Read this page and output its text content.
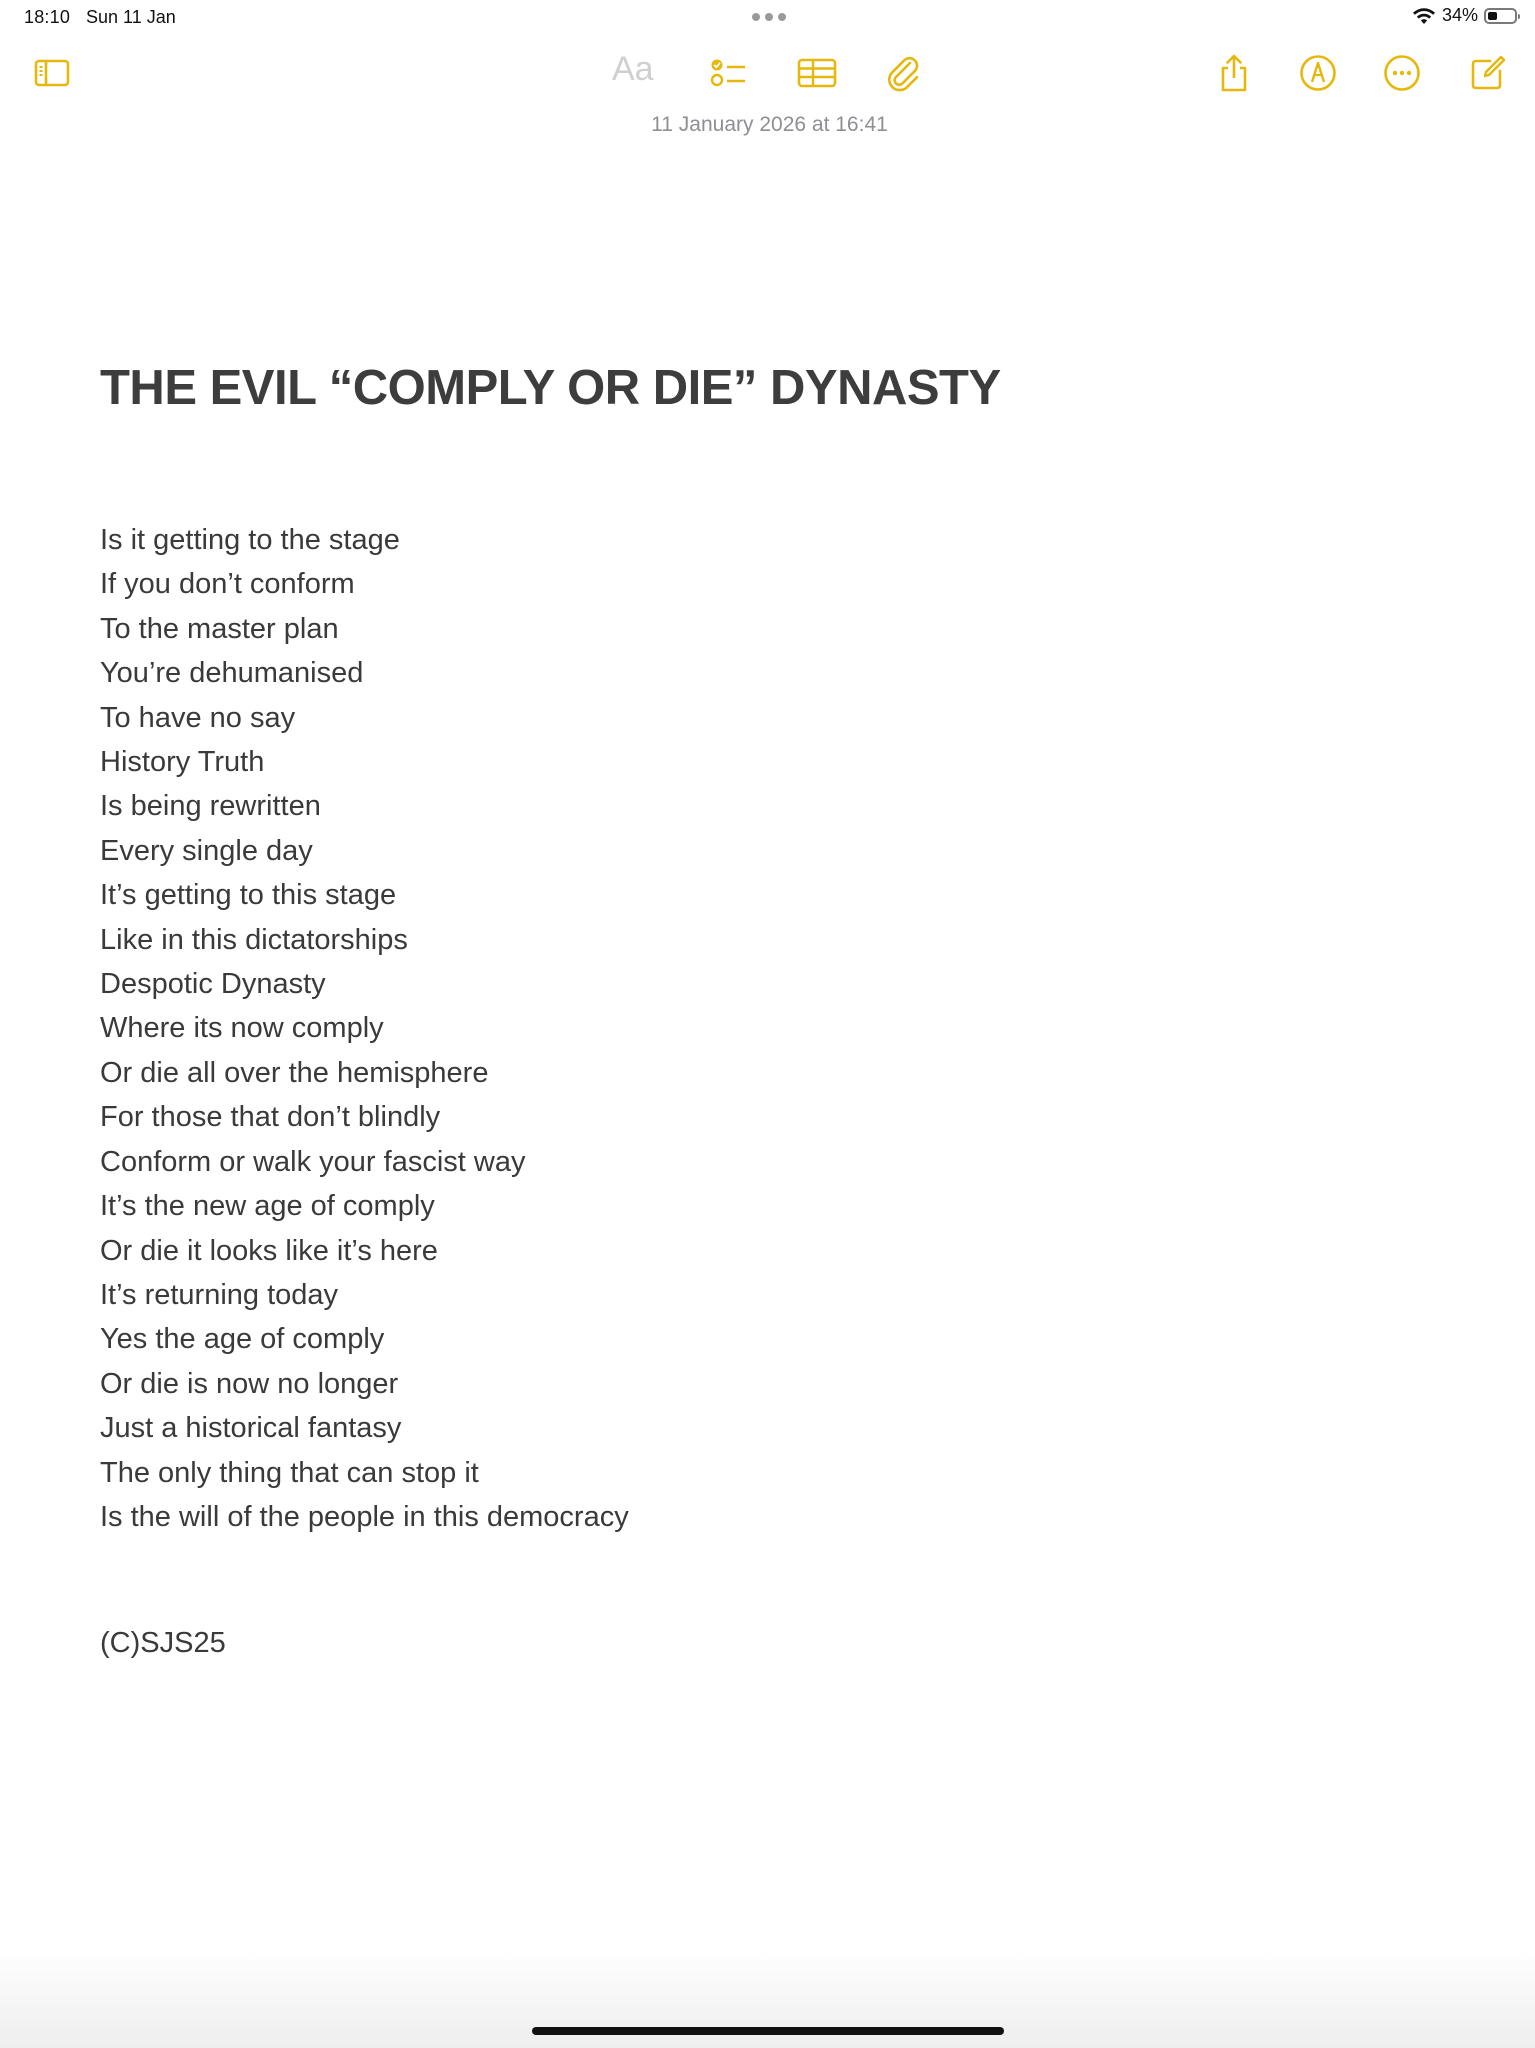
18:10 Sun 11 Jan	34%
Aa
11 January 2026 at 16:41
THE EVIL “COMPLY OR DIE” DYNASTY
Is it getting to the stage
If you don’t conform
To the master plan
You’re dehumanised
To have no say
History Truth
Is being rewritten
Every single day
It’s getting to this stage
Like in this dictatorships
Despotic Dynasty
Where its now comply
Or die all over the hemisphere
For those that don’t blindly
Conform or walk your fascist way
It’s the new age of comply
Or die it looks like it’s here
It’s returning today
Yes the age of comply
Or die is now no longer
Just a historical fantasy
The only thing that can stop it
Is the will of the people in this democracy
(C)SJS25
